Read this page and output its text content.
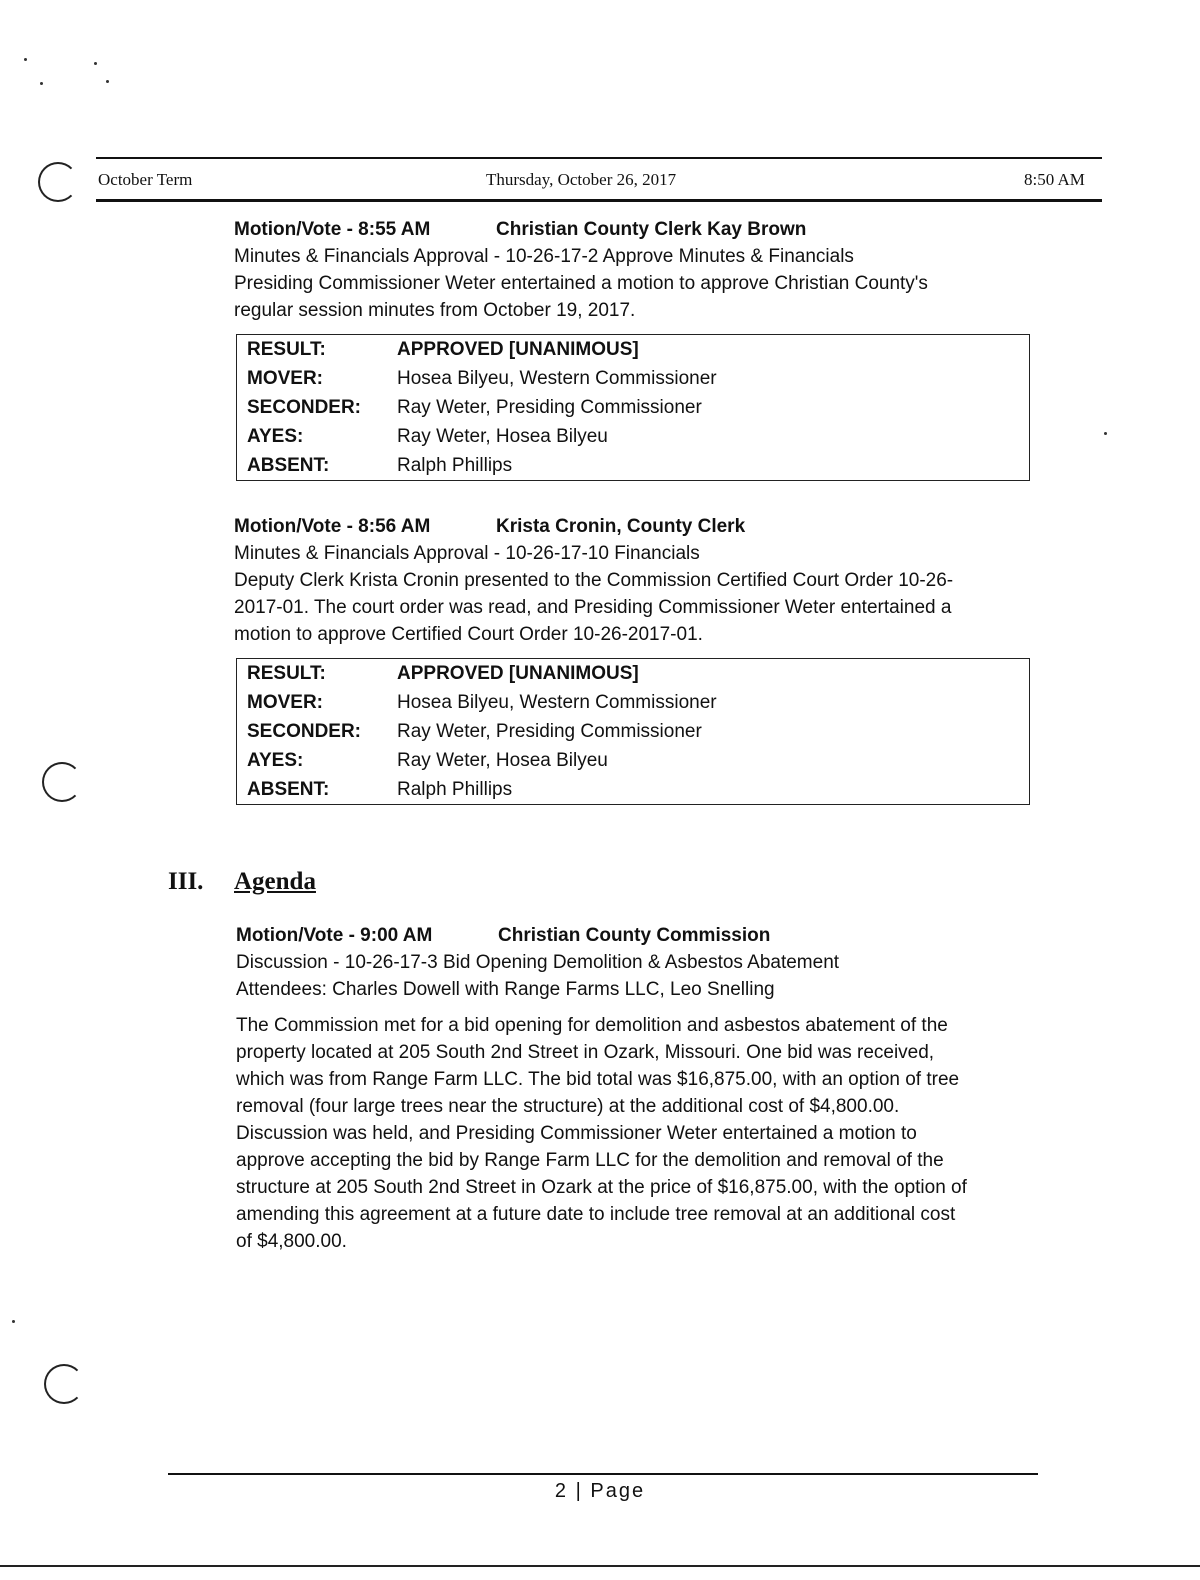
October Term	Thursday, October 26, 2017	8:50 AM
Motion/Vote - 8:55 AM	Christian County Clerk Kay Brown
Minutes & Financials Approval - 10-26-17-2 Approve Minutes & Financials
Presiding Commissioner Weter entertained a motion to approve Christian County's
regular session minutes from October 19, 2017.
RESULT:	APPROVED [UNANIMOUS]
MOVER:	Hosea Bilyeu, Western Commissioner
SECONDER:	Ray Weter, Presiding Commissioner
AYES:	Ray Weter, Hosea Bilyeu
ABSENT:	Ralph Phillips
Motion/Vote - 8:56 AM	Krista Cronin, County Clerk
Minutes & Financials Approval - 10-26-17-10 Financials
Deputy Clerk Krista Cronin presented to the Commission Certified Court Order 10-26-
2017-01. The court order was read, and Presiding Commissioner Weter entertained a
motion to approve Certified Court Order 10-26-2017-01.
RESULT:	APPROVED [UNANIMOUS]
MOVER:	Hosea Bilyeu, Western Commissioner
SECONDER:	Ray Weter, Presiding Commissioner
AYES:	Ray Weter, Hosea Bilyeu
ABSENT:	Ralph Phillips
III. Agenda
Motion/Vote - 9:00 AM	Christian County Commission
Discussion - 10-26-17-3 Bid Opening Demolition & Asbestos Abatement
Attendees: Charles Dowell with Range Farms LLC, Leo Snelling
The Commission met for a bid opening for demolition and asbestos abatement of the
property located at 205 South 2nd Street in Ozark, Missouri. One bid was received,
which was from Range Farm LLC. The bid total was $16,875.00, with an option of tree
removal (four large trees near the structure) at the additional cost of $4,800.00.
Discussion was held, and Presiding Commissioner Weter entertained a motion to
approve accepting the bid by Range Farm LLC for the demolition and removal of the
structure at 205 South 2nd Street in Ozark at the price of $16,875.00, with the option of
amending this agreement at a future date to include tree removal at an additional cost
of $4,800.00.
2 | Page
